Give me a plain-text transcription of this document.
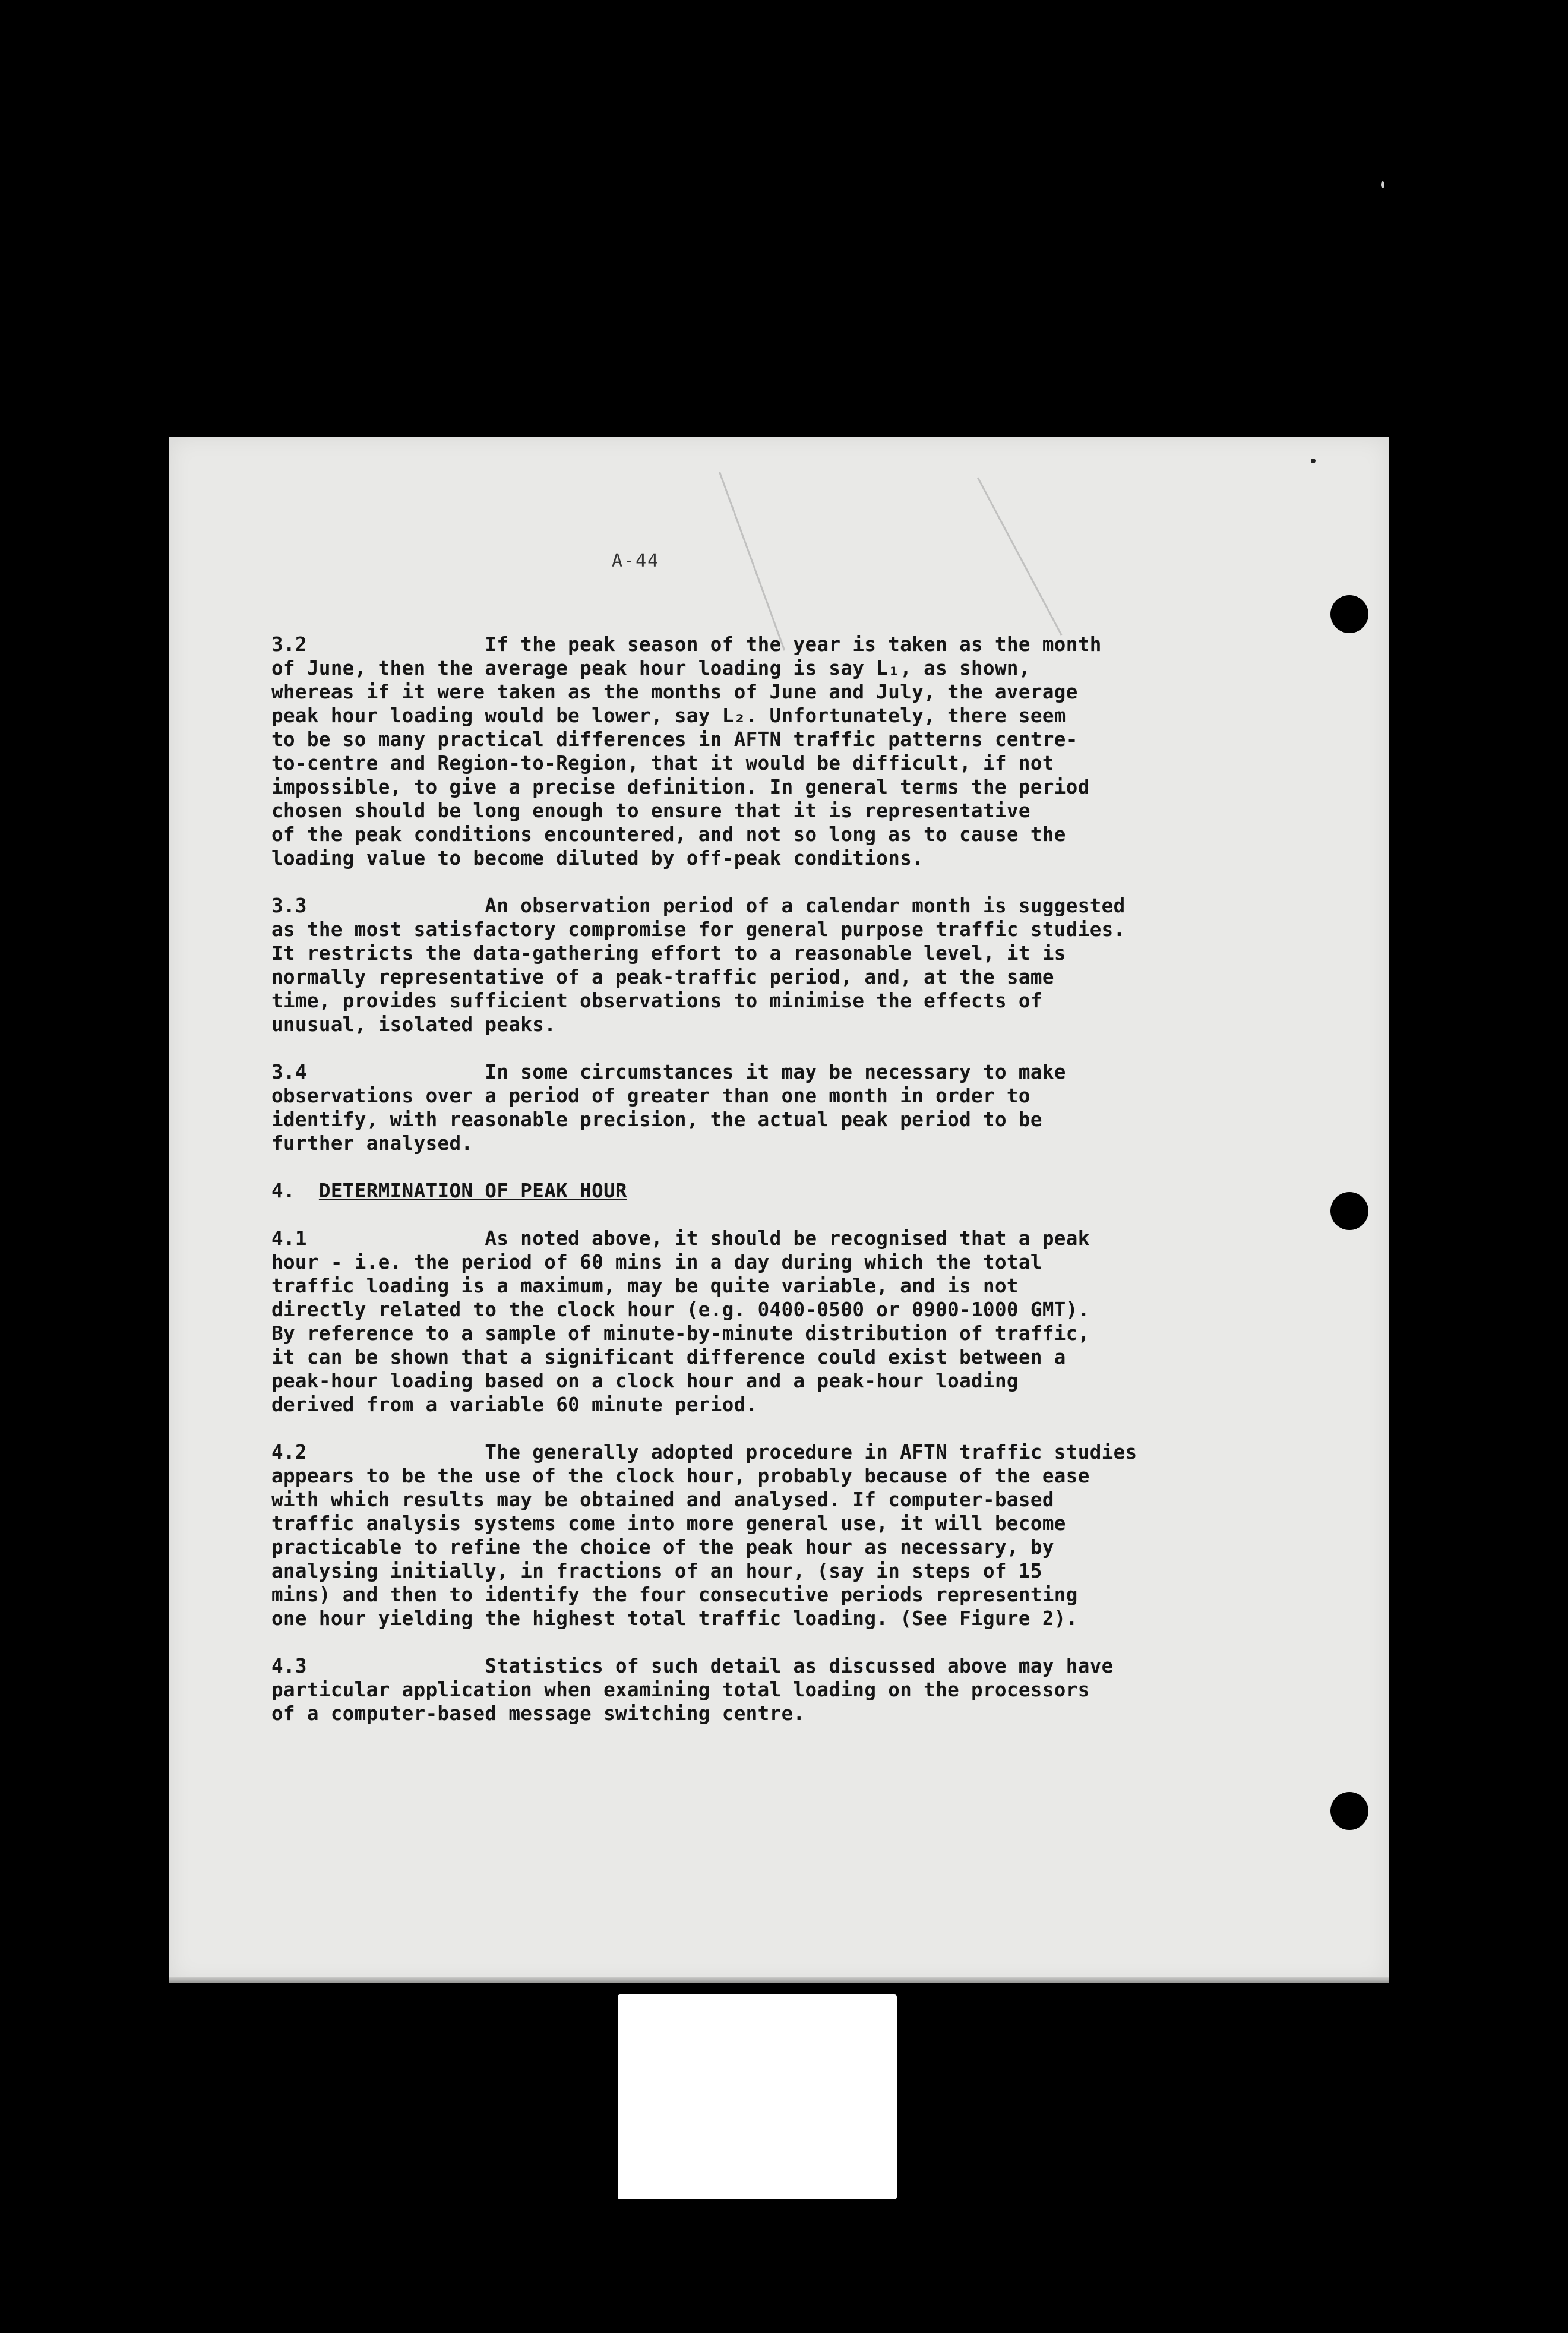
A-44

3.2	If the peak season of the year is taken as the month
of June, then the average peak hour loading is say L₁, as shown,
whereas if it were taken as the months of June and July, the average
peak hour loading would be lower, say L₂. Unfortunately, there seem
to be so many practical differences in AFTN traffic patterns centre-
to-centre and Region-to-Region, that it would be difficult, if not
impossible, to give a precise definition. In general terms the period
chosen should be long enough to ensure that it is representative
of the peak conditions encountered, and not so long as to cause the
loading value to become diluted by off-peak conditions.

3.3	An observation period of a calendar month is suggested
as the most satisfactory compromise for general purpose traffic studies.
It restricts the data-gathering effort to a reasonable level, it is
normally representative of a peak-traffic period, and, at the same
time, provides sufficient observations to minimise the effects of
unusual, isolated peaks.

3.4	In some circumstances it may be necessary to make
observations over a period of greater than one month in order to
identify, with reasonable precision, the actual peak period to be
further analysed.

4. DETERMINATION OF PEAK HOUR

4.1	As noted above, it should be recognised that a peak
hour - i.e. the period of 60 mins in a day during which the total
traffic loading is a maximum, may be quite variable, and is not
directly related to the clock hour (e.g. 0400-0500 or 0900-1000 GMT).
By reference to a sample of minute-by-minute distribution of traffic,
it can be shown that a significant difference could exist between a
peak-hour loading based on a clock hour and a peak-hour loading
derived from a variable 60 minute period.

4.2	The generally adopted procedure in AFTN traffic studies
appears to be the use of the clock hour, probably because of the ease
with which results may be obtained and analysed. If computer-based
traffic analysis systems come into more general use, it will become
practicable to refine the choice of the peak hour as necessary, by
analysing initially, in fractions of an hour, (say in steps of 15
mins) and then to identify the four consecutive periods representing
one hour yielding the highest total traffic loading. (See Figure 2).

4.3	Statistics of such detail as discussed above may have
particular application when examining total loading on the processors
of a computer-based message switching centre.
